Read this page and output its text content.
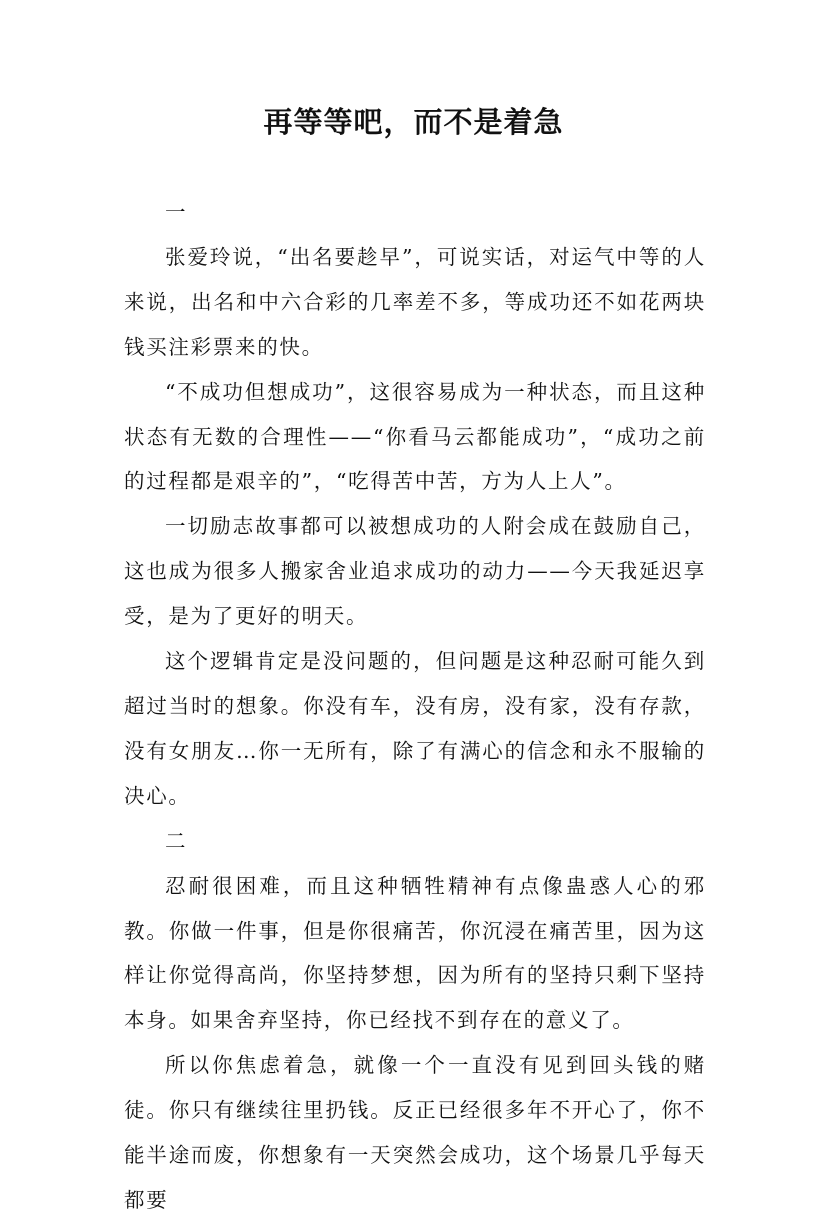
再等等吧，而不是着急

一

张爱玲说，“出名要趁早”，可说实话，对运气中等的人来说，出名和中六合彩的几率差不多，等成功还不如花两块钱买注彩票来的快。

“不成功但想成功”，这很容易成为一种状态，而且这种状态有无数的合理性——“你看马云都能成功”，“成功之前的过程都是艰辛的”，“吃得苦中苦，方为人上人”。

一切励志故事都可以被想成功的人附会成在鼓励自己，这也成为很多人搬家舍业追求成功的动力——今天我延迟享受，是为了更好的明天。

这个逻辑肯定是没问题的，但问题是这种忍耐可能久到超过当时的想象。你没有车，没有房，没有家，没有存款，没有女朋友…你一无所有，除了有满心的信念和永不服输的决心。

二

忍耐很困难，而且这种牺牲精神有点像蛊惑人心的邪教。你做一件事，但是你很痛苦，你沉浸在痛苦里，因为这样让你觉得高尚，你坚持梦想，因为所有的坚持只剩下坚持本身。如果舍弃坚持，你已经找不到存在的意义了。

所以你焦虑着急，就像一个一直没有见到回头钱的赌徒。你只有继续往里扔钱。反正已经很多年不开心了，你不能半途而废，你想象有一天突然会成功，这个场景几乎每天都要
